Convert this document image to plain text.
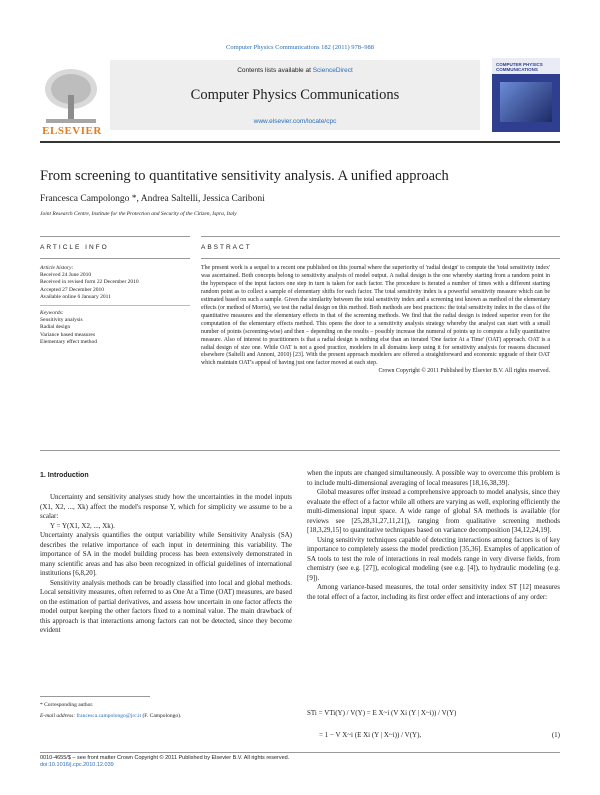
Computer Physics Communications 182 (2011) 978–988
ELSEVIER
Contents lists available at ScienceDirect
Computer Physics Communications
www.elsevier.com/locate/cpc
COMPUTER PHYSICS COMMUNICATIONS
From screening to quantitative sensitivity analysis. A unified approach
Francesca Campolongo *, Andrea Saltelli, Jessica Cariboni
Joint Research Centre, Institute for the Protection and Security of the Citizen, Ispra, Italy
ARTICLE INFO	ABSTRACT
Article history:
Received 24 June 2010
Received in revised form 22 December 2010
Accepted 27 December 2010
Available online 6 January 2011
Keywords:
Sensitivity analysis
Radial design
Variance based measures
Elementary effect method
The present work is a sequel to a recent one published on this journal where the superiority of 'radial design' to compute the 'total sensitivity index' was ascertained. Both concepts belong to sensitivity analysis of model output. A radial design is the one whereby starting from a random point in the hyperspace of the input factors one step in turn is taken for each factor. The procedure is iterated a number of times with a different starting random point as to collect a sample of elementary shifts for each factor. The total sensitivity index is a powerful sensitivity measure which can be estimated based on such a sample. Given the similarity between the total sensitivity index and a screening test known as method of the elementary effects (or method of Morris), we test the radial design on this method. Both methods are best practices: the total sensitivity index in the class of the quantitative measures and the elementary effects in that of the screening methods. We find that the radial design is indeed superior even for the computation of the elementary effects method. This opens the door to a sensitivity analysis strategy whereby the analyst can start with a small number of points (screening-wise) and then – depending on the results – possibly increase the numeral of points up to compute a fully quantitative measure. Also of interest to practitioners is that a radial design is nothing else than an iterated 'One factor At a Time' (OAT) approach. OAT is a radial design of size one. While OAT is not a good practice, modelers in all domains keep using it for sensitivity analysis for reasons discussed elsewhere (Saltelli and Annoni, 2010) [23]. With the present approach modelers are offered a straightforward and economic upgrade of their OAT which maintain OAT's appeal of having just one factor moved at each step.
Crown Copyright © 2011 Published by Elsevier B.V. All rights reserved.
1. Introduction

Uncertainty and sensitivity analyses study how the uncertainties in the model inputs (X1, X2, ..., Xk) affect the model's response Y, which for simplicity we assume to be a scalar:

Y = Y(X1, X2, ..., Xk).

Uncertainty analysis quantifies the output variability while Sensitivity Analysis (SA) describes the relative importance of each input in determining this variability. The importance of SA in the model building process has been extensively demonstrated in many scientific areas and has also been recognized in official guidelines of international institutions [6,8,20].

Sensitivity analysis methods can be broadly classified into local and global methods. Local sensitivity measures, often referred to as One At a Time (OAT) measures, are based on the estimation of partial derivatives, and assess how uncertain in one factor affects the model output keeping the other factors fixed to a nominal value. The main drawback of this approach is that interactions among factors can not be detected, since they become evident

when the inputs are changed simultaneously. A possible way to overcome this problem is to include multi-dimensional averaging of local measures [18,16,38,39].

Global measures offer instead a comprehensive approach to model analysis, since they evaluate the effect of a factor while all others are varying as well, exploring efficiently the multi-dimensional input space. A wide range of global SA methods is available (for reviews see [25,28,31,27,11,21]), ranging from qualitative screening methods [18,3,29,15] to quantitative techniques based on variance decomposition [34,12,24,19].

Using sensitivity techniques capable of detecting interactions among factors is of key importance to completely assess the model prediction [35,36]. Examples of application of SA tools to test the role of interactions in real models range in very diverse fields, from chemistry (see e.g. [27]), ecological modeling (see e.g. [4]), to hydraulic modeling (e.g. [9]).

Among variance-based measures, the total order sensitivity index ST [12] measures the total effect of a factor, including its first order effect and interactions of any order:

STi = VTi(Y) / V(Y) = E X~i (V Xi (Y | X~i)) / V(Y)
= 1 − V X~i (E Xi (Y | X~i)) / V(Y),	(1)
* Corresponding author.
E-mail address: francesca.campolongo@jrc.it (F. Campolongo).
0010-4655/$ – see front matter Crown Copyright © 2011 Published by Elsevier B.V. All rights reserved.
doi:10.1016/j.cpc.2010.12.039
